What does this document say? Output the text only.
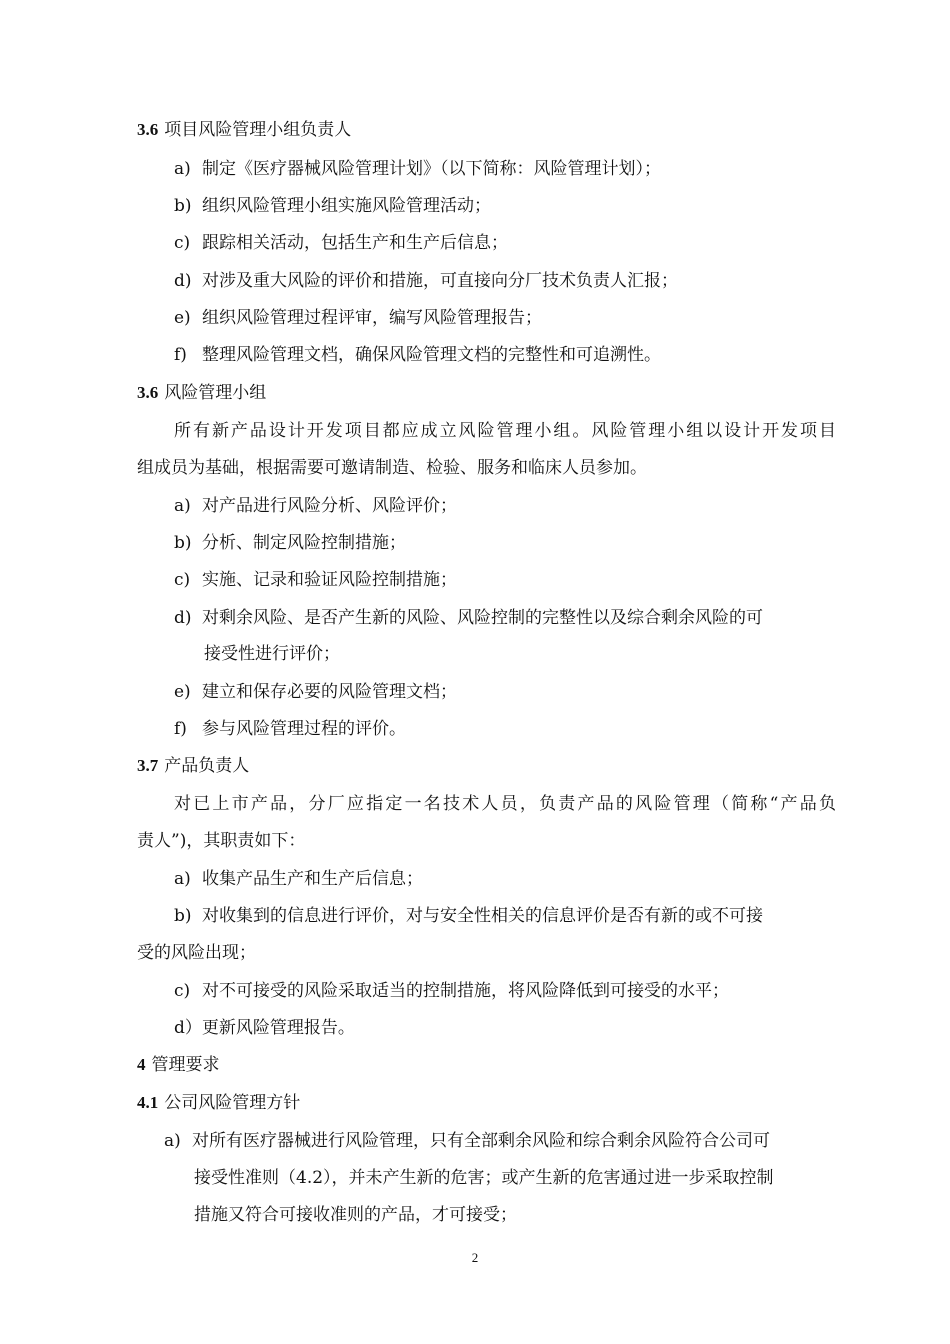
3.6 项目风险管理小组负责人
a) 制定《医疗器械风险管理计划》（以下简称：风险管理计划）；
b) 组织风险管理小组实施风险管理活动；
c) 跟踪相关活动，包括生产和生产后信息；
d) 对涉及重大风险的评价和措施，可直接向分厂技术负责人汇报；
e) 组织风险管理过程评审，编写风险管理报告；
f) 整理风险管理文档，确保风险管理文档的完整性和可追溯性。
3.6 风险管理小组
所有新产品设计开发项目都应成立风险管理小组。风险管理小组以设计开发项目
组成员为基础，根据需要可邀请制造、检验、服务和临床人员参加。
a) 对产品进行风险分析、风险评价；
b) 分析、制定风险控制措施；
c) 实施、记录和验证风险控制措施；
d) 对剩余风险、是否产生新的风险、风险控制的完整性以及综合剩余风险的可
接受性进行评价；
e) 建立和保存必要的风险管理文档；
f) 参与风险管理过程的评价。
3.7 产品负责人
对已上市产品，分厂应指定一名技术人员，负责产品的风险管理（简称“产品负
责人”)，其职责如下：
a) 收集产品生产和生产后信息；
b) 对收集到的信息进行评价，对与安全性相关的信息评价是否有新的或不可接
受的风险出现；
c) 对不可接受的风险采取适当的控制措施，将风险降低到可接受的水平；
d）更新风险管理报告。
4 管理要求
4.1 公司风险管理方针
a) 对所有医疗器械进行风险管理，只有全部剩余风险和综合剩余风险符合公司可
接受性准则（4.2），并未产生新的危害；或产生新的危害通过进一步采取控制
措施又符合可接收准则的产品，才可接受；
2
